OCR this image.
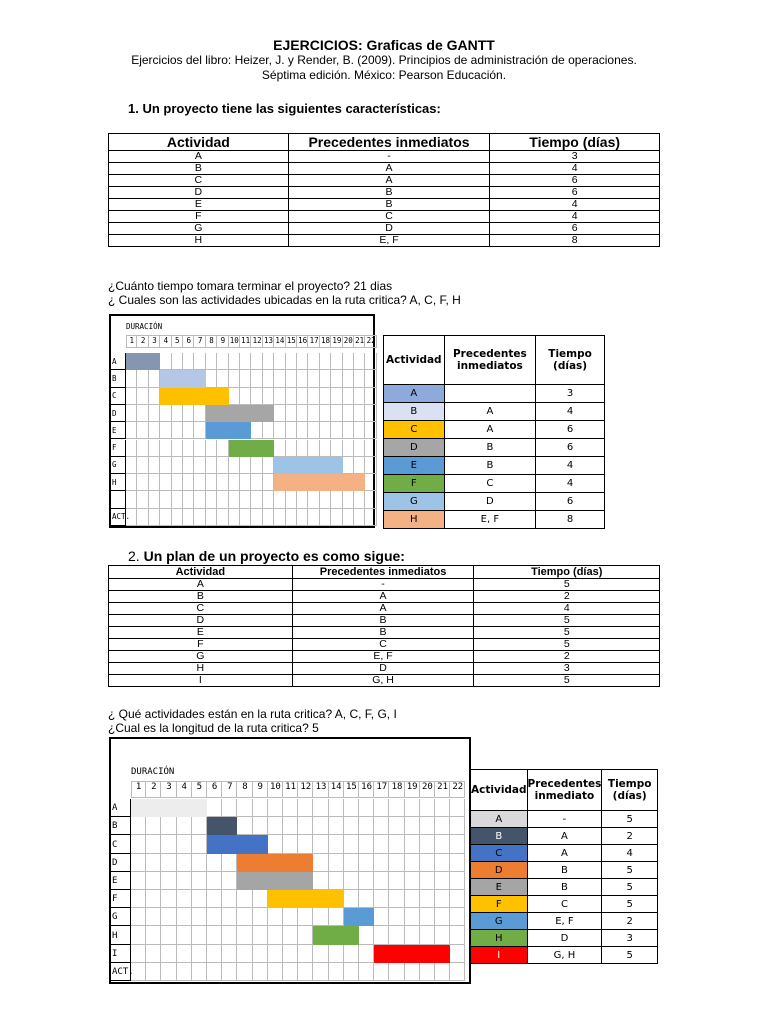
EJERCICIOS: Graficas de GANTT
Ejercicios del libro: Heizer, J. y Render, B. (2009). Principios de administración de operaciones.
Séptima edición. México: Pearson Educación.
1. Un proyecto tiene las siguientes características:
Actividad	Precedentes inmediatos	Tiempo (días)
A	-	3
B	A	4
C	A	6
D	B	6
E	B	4
F	C	4
G	D	6
H	E, F	8
¿Cuánto tiempo tomara terminar el proyecto? 21 dias
¿ Cuales son las actividades ubicadas en la ruta critica? A, C, F, H
DURACIÓN
1 2 3 4 5 6 7 8 9 10 11 12 13 14 15 16 17 18 19 20 21 22
A
B
C
D
E
F
G
H
ACT.
Actividad	Precedentes inmediatos	Tiempo (días)
A		3
B	A	4
C	A	6
D	B	6
E	B	4
F	C	4
G	D	6
H	E, F	8
2. Un plan de un proyecto es como sigue:
Actividad	Precedentes inmediatos	Tiempo (días)
A	-	5
B	A	2
C	A	4
D	B	5
E	B	5
F	C	5
G	E, F	2
H	D	3
I	G, H	5
¿ Qué actividades están en la ruta critica? A, C, F, G, I
¿Cual es la longitud de la ruta critica? 5
DURACIÓN
1	2	3	4	5	6	7	8	9 10 11 12 13 14 15 16 17 18 19 20 21 22
A
B
C
D
E
F
G
H
I
ACT.
Actividad	Precedentes inmediato	Tiempo (días)
A	-	5
B	A	2
C	A	4
D	B	5
E	B	5
F	C	5
G	E, F	2
H	D	3
I	G, H	5
